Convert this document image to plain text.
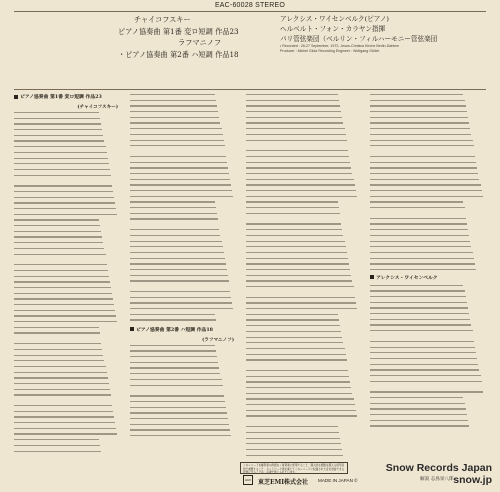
EAC-60028 STEREO
チャイコフスキー
ピアノ協奏曲 第1番 変ロ短調 作品23
ラフマニノフ
・ピアノ協奏曲 第2番 ハ短調 作品18
アレクシス・ワイセンベルク(ピアノ)
ヘルベルト・フォン・カラヤン指揮
パリ管弦楽団（ベルリン・フィルハーモニー管弦楽団
• Recorded : 26-27 September, 1972, Jesus-Christus Kirche Berlin-Dahlem
Producer : Michel Glotz Recording Engineer : Wolfgang Gülich
ピアノ協奏曲 第1番 変ロ短調 作品23
(チャイコフスキー)
ピアノ協奏曲 第2番 ハ短調 作品18
(ラフマニノフ)
アレクシス・ワイセンベルク
解説 志鳥栄八郎
このレコードを権利者の許諾なく賃貸業に使用すること、個人的な範囲を超える使用目的で複製すること、ネットワーク等を通じてこのレコードに収録された音を送信できる状態にすることは、法律で禁じられています。
EMI	東芝EMI株式会社 MADE IN JAPAN ©
Snow Records Japan
snow.jp
